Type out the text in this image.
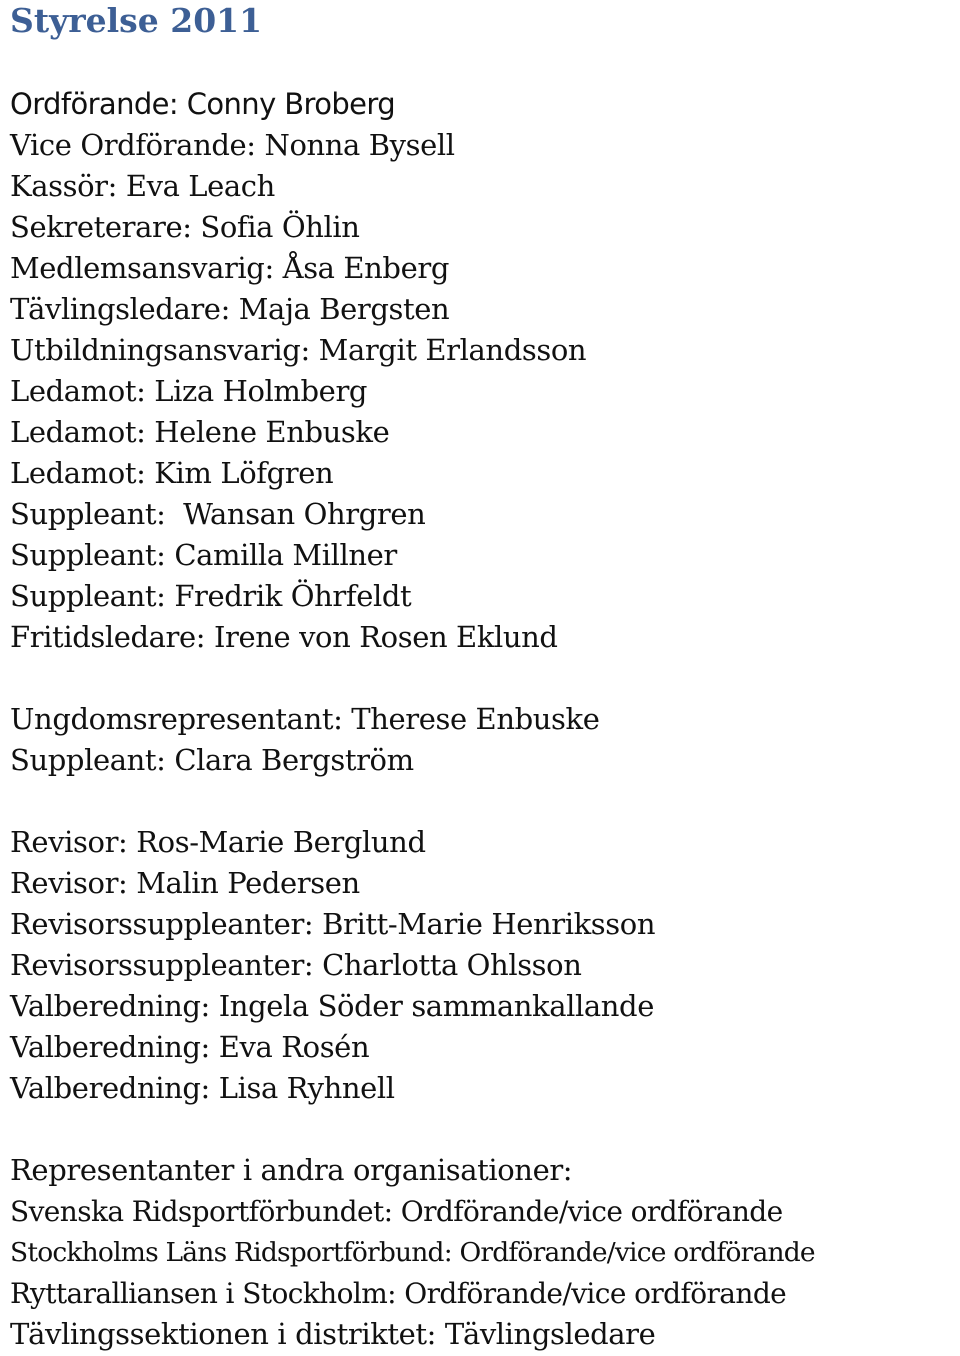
Styrelse 2011
Ordförande: Conny Broberg
Vice Ordförande: Nonna Bysell
Kassör: Eva Leach
Sekreterare: Sofia Öhlin
Medlemsansvarig: Åsa Enberg
Tävlingsledare: Maja Bergsten
Utbildningsansvarig: Margit Erlandsson
Ledamot: Liza Holmberg
Ledamot: Helene Enbuske
Ledamot: Kim Löfgren
Suppleant:  Wansan Ohrgren
Suppleant: Camilla Millner
Suppleant: Fredrik Öhrfeldt
Fritidsledare: Irene von Rosen Eklund
Ungdomsrepresentant: Therese Enbuske
Suppleant: Clara Bergström
Revisor: Ros-Marie Berglund
Revisor: Malin Pedersen
Revisorssuppleanter: Britt-Marie Henriksson
Revisorssuppleanter: Charlotta Ohlsson
Valberedning: Ingela Söder sammankallande
Valberedning: Eva Rosén
Valberedning: Lisa Ryhnell
Representanter i andra organisationer:
Svenska Ridsportförbundet: Ordförande/vice ordförande
Stockholms Läns Ridsportförbund: Ordförande/vice ordförande
Ryttaralliansen i Stockholm: Ordförande/vice ordförande
Tävlingssektionen i distriktet: Tävlingsledare
